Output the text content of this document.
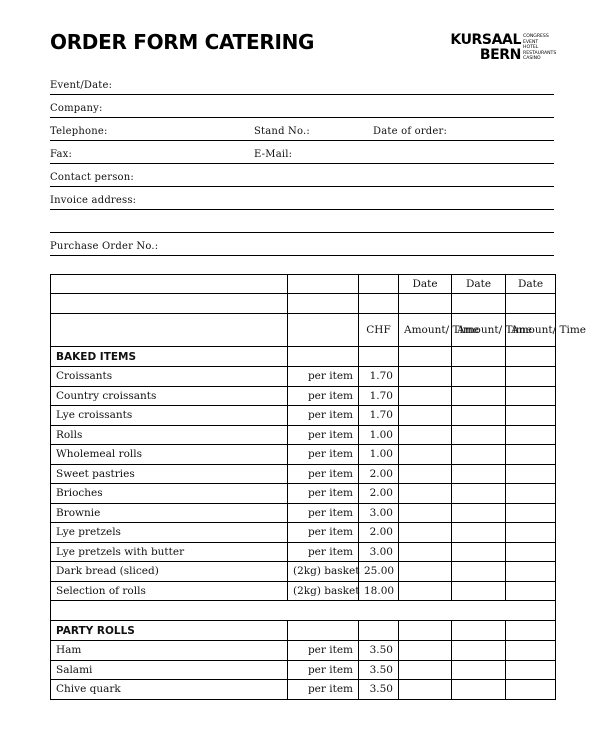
ORDER FORM CATERING	KURSAAL
BERN
CONGRESS
EVENT
HOTEL
RESTAURANTS
CASINO
Event/Date:
Company:
Telephone:	Stand No.:	Date of order:
Fax:	E-Mail:
Contact person:
Invoice address:
Purchase Order No.:
			Date	Date	Date

		CHF	Amount/ Time	Amount/ Time	Amount/ Time
BAKED ITEMS					
Croissants	per item	1.70			
Country croissants	per item	1.70			
Lye croissants	per item	1.70			
Rolls	per item	1.00			
Wholemeal rolls	per item	1.00			
Sweet pastries	per item	2.00			
Brioches	per item	2.00			
Brownie	per item	3.00			
Lye pretzels	per item	2.00			
Lye pretzels with butter	per item	3.00			
Dark bread (sliced)	(2kg) basket	25.00			
Selection of rolls	(2kg) basket	18.00			

PARTY ROLLS					
Ham	per item	3.50			
Salami	per item	3.50			
Chive quark	per item	3.50			
